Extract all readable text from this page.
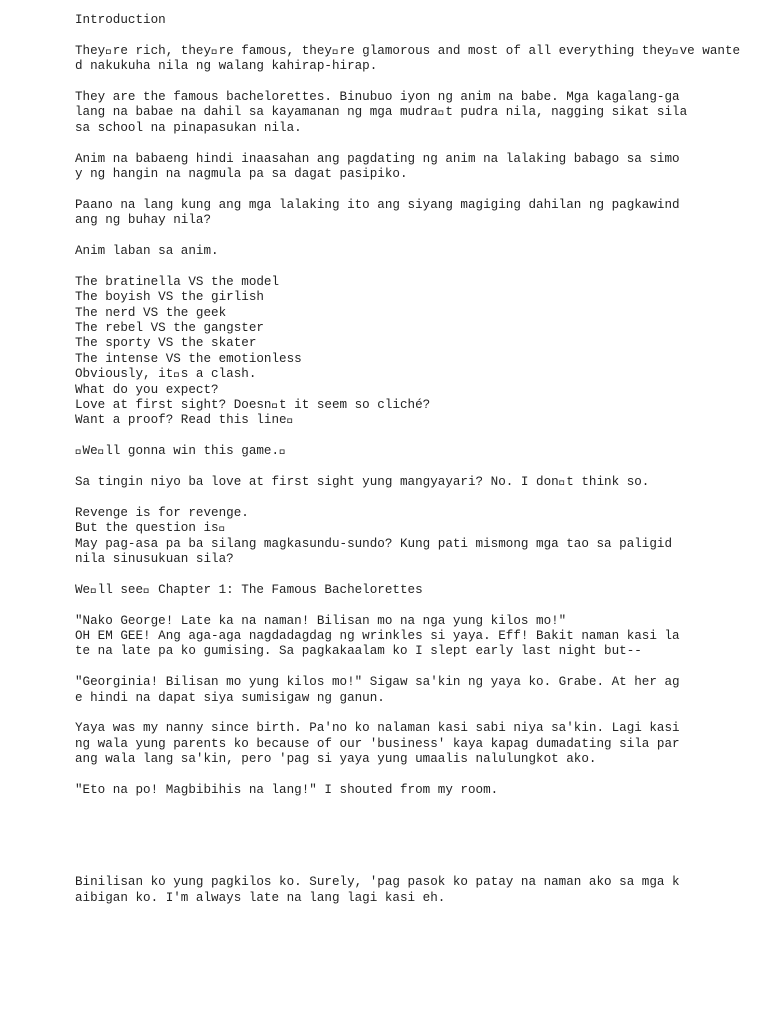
Introduction
They re rich, they re famous, they re glamorous and most of all everything they ve wante
d nakukuha nila ng walang kahirap-hirap.
They are the famous bachelorettes. Binubuo iyon ng anim na babe. Mga kagalang-ga
lang na babae na dahil sa kayamanan ng mga mudra t pudra nila, nagging sikat sila
sa school na pinapasukan nila.
Anim na babaeng hindi inaasahan ang pagdating ng anim na lalaking babago sa simo
y ng hangin na nagmula pa sa dagat pasipiko.
Paano na lang kung ang mga lalaking ito ang siyang magiging dahilan ng pagkawind
ang ng buhay nila?
Anim laban sa anim.
The bratinella VS the model
The boyish VS the girlish
The nerd VS the geek
The rebel VS the gangster
The sporty VS the skater
The intense VS the emotionless
Obviously, it s a clash.
What do you expect?
Love at first sight? Doesn t it seem so cliché?
Want a proof? Read this line 
 We ll gonna win this game. 
Sa tingin niyo ba love at first sight yung mangyayari? No. I don t think so.
Revenge is for revenge.
But the question is 
May pag-asa pa ba silang magkasundu-sundo? Kung pati mismong mga tao sa paligid
nila sinusukuan sila?
We ll see  Chapter 1: The Famous Bachelorettes
"Nako George! Late ka na naman! Bilisan mo na nga yung kilos mo!"
OH EM GEE! Ang aga-aga nagdadagdag ng wrinkles si yaya. Eff! Bakit naman kasi la
te na late pa ko gumising. Sa pagkakaalam ko I slept early last night but--
"Georginia! Bilisan mo yung kilos mo!" Sigaw sa'kin ng yaya ko. Grabe. At her ag
e hindi na dapat siya sumisigaw ng ganun.
Yaya was my nanny since birth. Pa'no ko nalaman kasi sabi niya sa'kin. Lagi kasi
ng wala yung parents ko because of our 'business' kaya kapag dumadating sila par
ang wala lang sa'kin, pero 'pag si yaya yung umaalis nalulungkot ako.
"Eto na po! Magbibihis na lang!" I shouted from my room.
Binilisan ko yung pagkilos ko. Surely, 'pag pasok ko patay na naman ako sa mga k
aibigan ko. I'm always late na lang lagi kasi eh.
